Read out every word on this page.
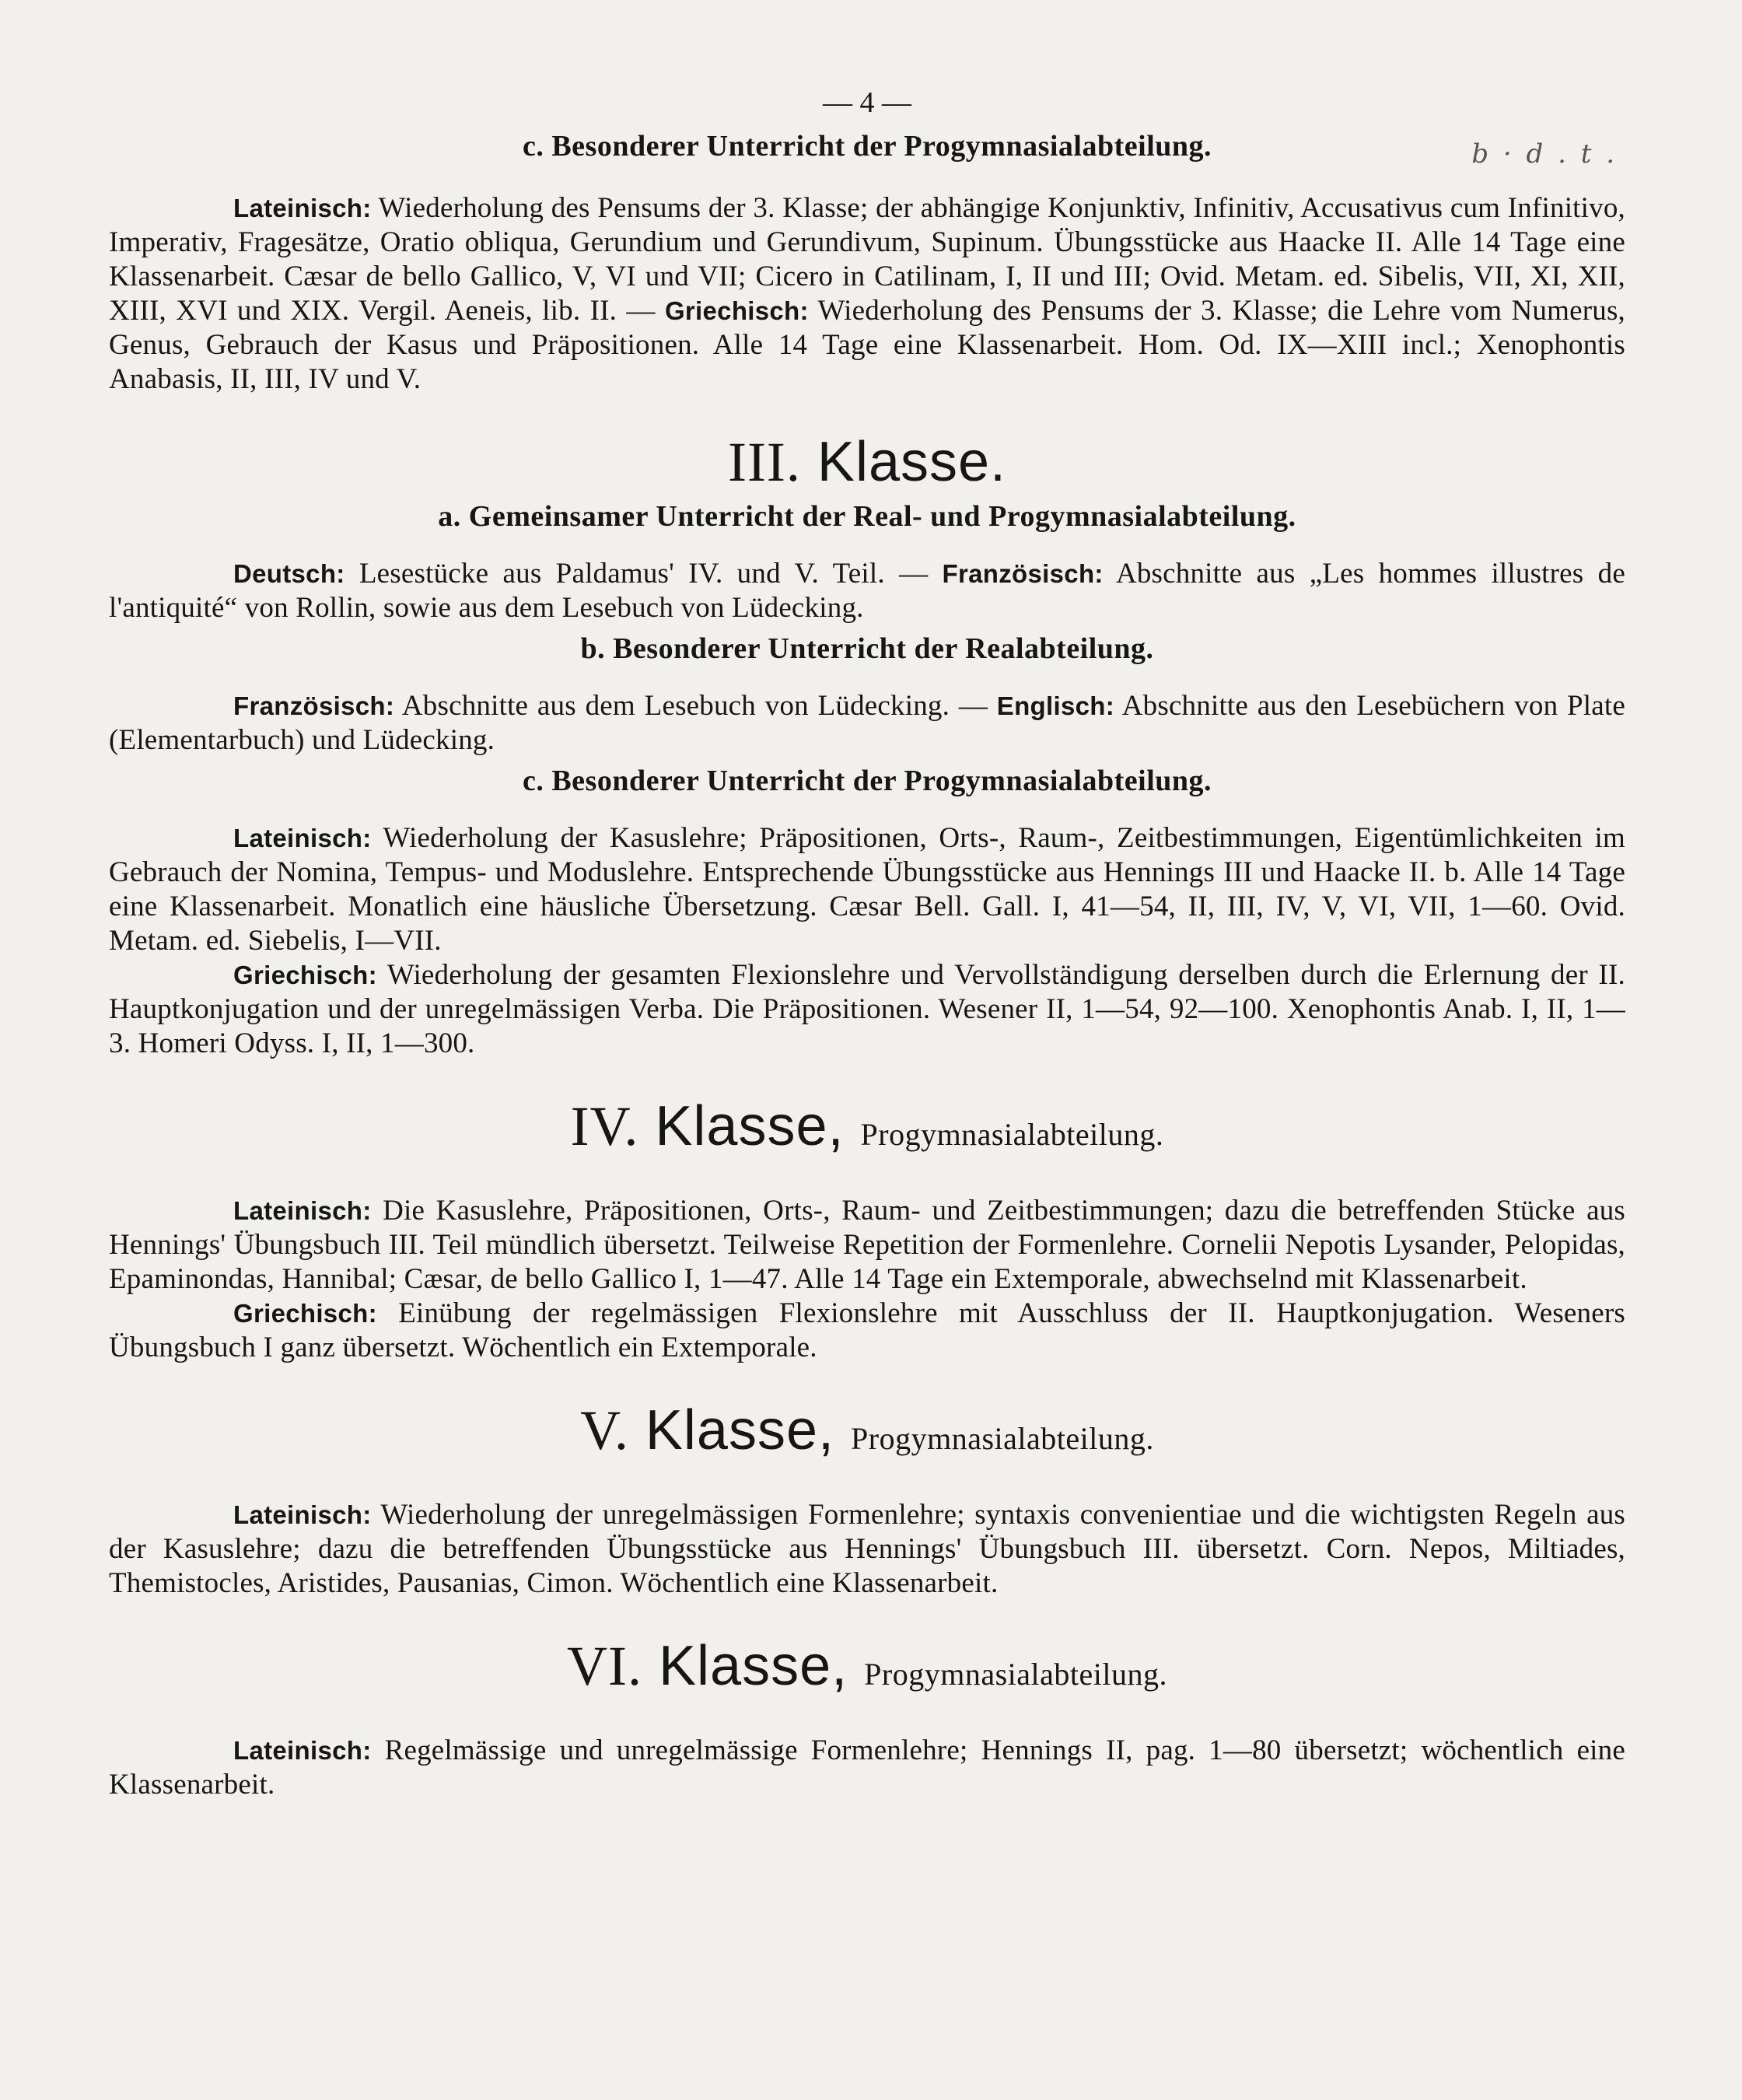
— 4 —
b · d . t .
c. Besonderer Unterricht der Progymnasialabteilung.

Lateinisch: Wiederholung des Pensums der 3. Klasse; der abhängige Konjunktiv, Infinitiv, Accusativus cum Infinitivo, Imperativ, Fragesätze, Oratio obliqua, Gerundium und Gerundivum, Supinum. Übungsstücke aus Haacke II. Alle 14 Tage eine Klassenarbeit. Cæsar de bello Gallico, V, VI und VII; Cicero in Catilinam, I, II und III; Ovid. Metam. ed. Sibelis, VII, XI, XII, XIII, XVI und XIX. Vergil. Aeneis, lib. II. — Griechisch: Wiederholung des Pensums der 3. Klasse; die Lehre vom Numerus, Genus, Gebrauch der Kasus und Präpositionen. Alle 14 Tage eine Klassenarbeit. Hom. Od. IX—XIII incl.; Xenophontis Anabasis, II, III, IV und V.

III. Klasse.
a. Gemeinsamer Unterricht der Real- und Progymnasialabteilung.

Deutsch: Lesestücke aus Paldamus' IV. und V. Teil. — Französisch: Abschnitte aus „Les hommes illustres de l'antiquité“ von Rollin, sowie aus dem Lesebuch von Lüdecking.

b. Besonderer Unterricht der Realabteilung.

Französisch: Abschnitte aus dem Lesebuch von Lüdecking. — Englisch: Abschnitte aus den Lesebüchern von Plate (Elementarbuch) und Lüdecking.

c. Besonderer Unterricht der Progymnasialabteilung.

Lateinisch: Wiederholung der Kasuslehre; Präpositionen, Orts-, Raum-, Zeitbestimmungen, Eigentümlichkeiten im Gebrauch der Nomina, Tempus- und Moduslehre. Entsprechende Übungsstücke aus Hennings III und Haacke II. b. Alle 14 Tage eine Klassenarbeit. Monatlich eine häusliche Übersetzung. Cæsar Bell. Gall. I, 41—54, II, III, IV, V, VI, VII, 1—60. Ovid. Metam. ed. Siebelis, I—VII.

Griechisch: Wiederholung der gesamten Flexionslehre und Vervollständigung derselben durch die Erlernung der II. Hauptkonjugation und der unregelmässigen Verba. Die Präpositionen. Wesener II, 1—54, 92—100. Xenophontis Anab. I, II, 1—3. Homeri Odyss. I, II, 1—300.

IV. Klasse, Progymnasialabteilung.

Lateinisch: Die Kasuslehre, Präpositionen, Orts-, Raum- und Zeitbestimmungen; dazu die betreffenden Stücke aus Hennings' Übungsbuch III. Teil mündlich übersetzt. Teilweise Repetition der Formenlehre. Cornelii Nepotis Lysander, Pelopidas, Epaminondas, Hannibal; Cæsar, de bello Gallico I, 1—47. Alle 14 Tage ein Extemporale, abwechselnd mit Klassenarbeit.

Griechisch: Einübung der regelmässigen Flexionslehre mit Ausschluss der II. Hauptkonjugation. Weseners Übungsbuch I ganz übersetzt. Wöchentlich ein Extemporale.

V. Klasse, Progymnasialabteilung.

Lateinisch: Wiederholung der unregelmässigen Formenlehre; syntaxis convenientiae und die wichtigsten Regeln aus der Kasuslehre; dazu die betreffenden Übungsstücke aus Hennings' Übungsbuch III. übersetzt. Corn. Nepos, Miltiades, Themistocles, Aristides, Pausanias, Cimon. Wöchentlich eine Klassenarbeit.

VI. Klasse, Progymnasialabteilung.

Lateinisch: Regelmässige und unregelmässige Formenlehre; Hennings II, pag. 1—80 übersetzt; wöchentlich eine Klassenarbeit.
